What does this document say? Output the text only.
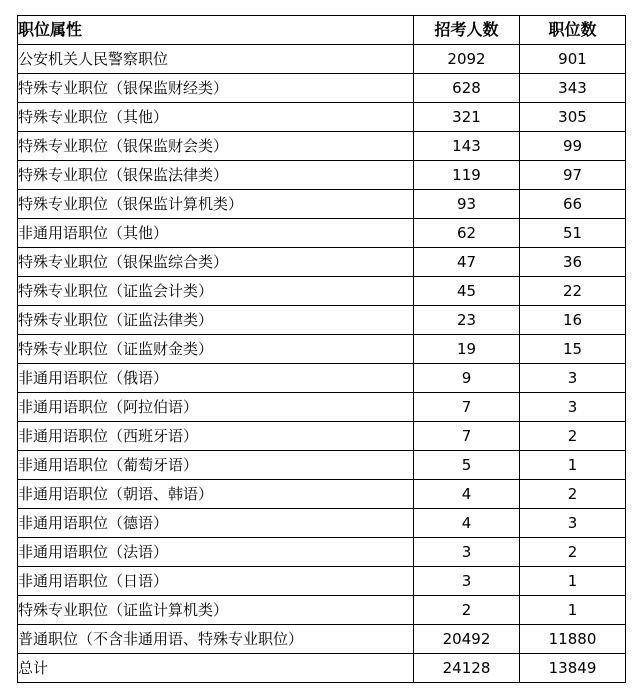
职位属性	招考人数	职位数
公安机关人民警察职位	2092	901
特殊专业职位（银保监财经类）	628	343
特殊专业职位（其他）	321	305
特殊专业职位（银保监财会类）	143	99
特殊专业职位（银保监法律类）	119	97
特殊专业职位（银保监计算机类）	93	66
非通用语职位（其他）	62	51
特殊专业职位（银保监综合类）	47	36
特殊专业职位（证监会计类）	45	22
特殊专业职位（证监法律类）	23	16
特殊专业职位（证监财金类）	19	15
非通用语职位（俄语）	9	3
非通用语职位（阿拉伯语）	7	3
非通用语职位（西班牙语）	7	2
非通用语职位（葡萄牙语）	5	1
非通用语职位（朝语、韩语）	4	2
非通用语职位（德语）	4	3
非通用语职位（法语）	3	2
非通用语职位（日语）	3	1
特殊专业职位（证监计算机类）	2	1
普通职位（不含非通用语、特殊专业职位）	20492	11880
总计	24128	13849
